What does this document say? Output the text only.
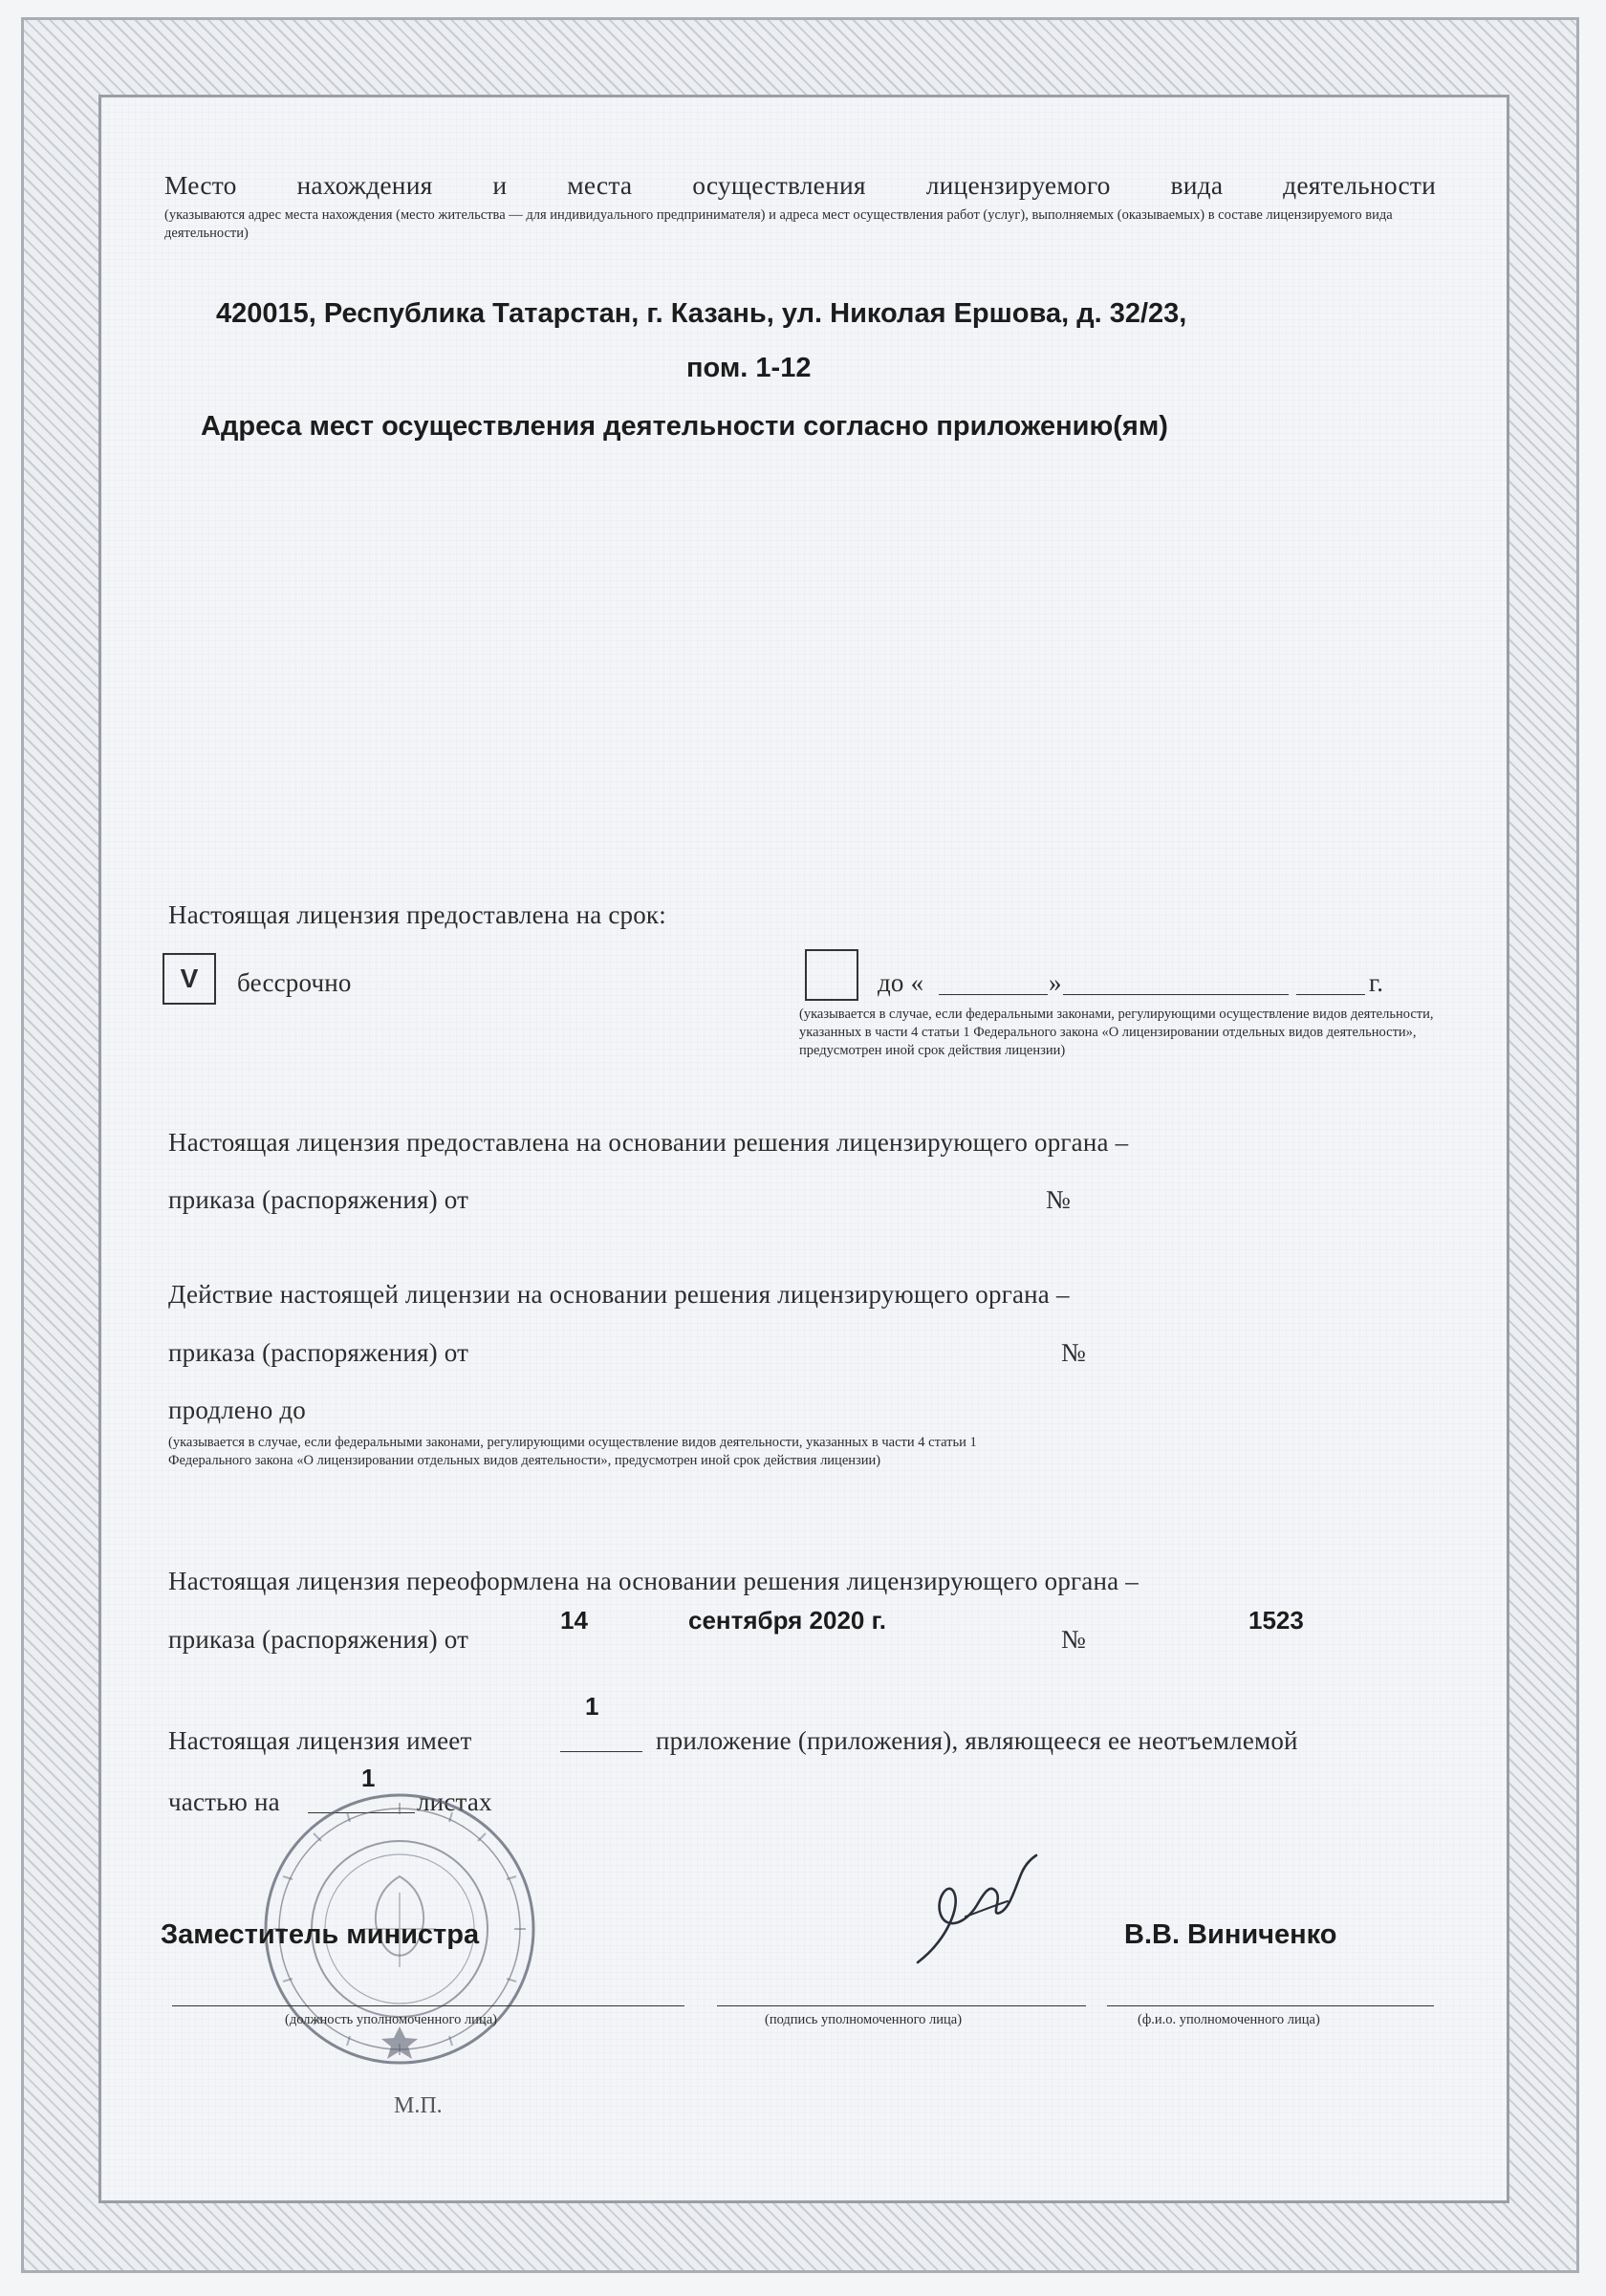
Место нахождения и места осуществления лицензируемого вида деятельности
(указываются адрес места нахождения (место жительства — для индивидуального предпринимателя) и адреса мест осуществления работ (услуг), выполняемых (оказываемых) в составе лицензируемого вида деятельности)
420015, Республика Татарстан, г. Казань, ул. Николая Ершова, д. 32/23,
пом. 1-12
Адреса мест осуществления деятельности согласно приложению(ям)
Настоящая лицензия предоставлена на срок:
V	бессрочно	до «	»	г.
(указывается в случае, если федеральными законами, регулирующими осуществление видов деятельности, указанных в части 4 статьи 1 Федерального закона «О лицензировании отдельных видов деятельности», предусмотрен иной срок действия лицензии)
Настоящая лицензия предоставлена на основании решения лицензирующего органа –
приказа (распоряжения) от	№
Действие настоящей лицензии на основании решения лицензирующего органа –
приказа (распоряжения) от	№
продлено до
(указывается в случае, если федеральными законами, регулирующими осуществление видов деятельности, указанных в части 4 статьи 1 Федерального закона «О лицензировании отдельных видов деятельности», предусмотрен иной срок действия лицензии)
Настоящая лицензия переоформлена на основании решения лицензирующего органа –
приказа (распоряжения) от
14	сентября 2020 г.
№
1523
1
Настоящая лицензия имеет	приложение (приложения), являющееся ее неотъемлемой
частью на
1
листах
Заместитель министра	В.В. Виниченко
(должность уполномоченного лица)	(подпись уполномоченного лица)	(ф.и.о. уполномоченного лица)
М.П.
